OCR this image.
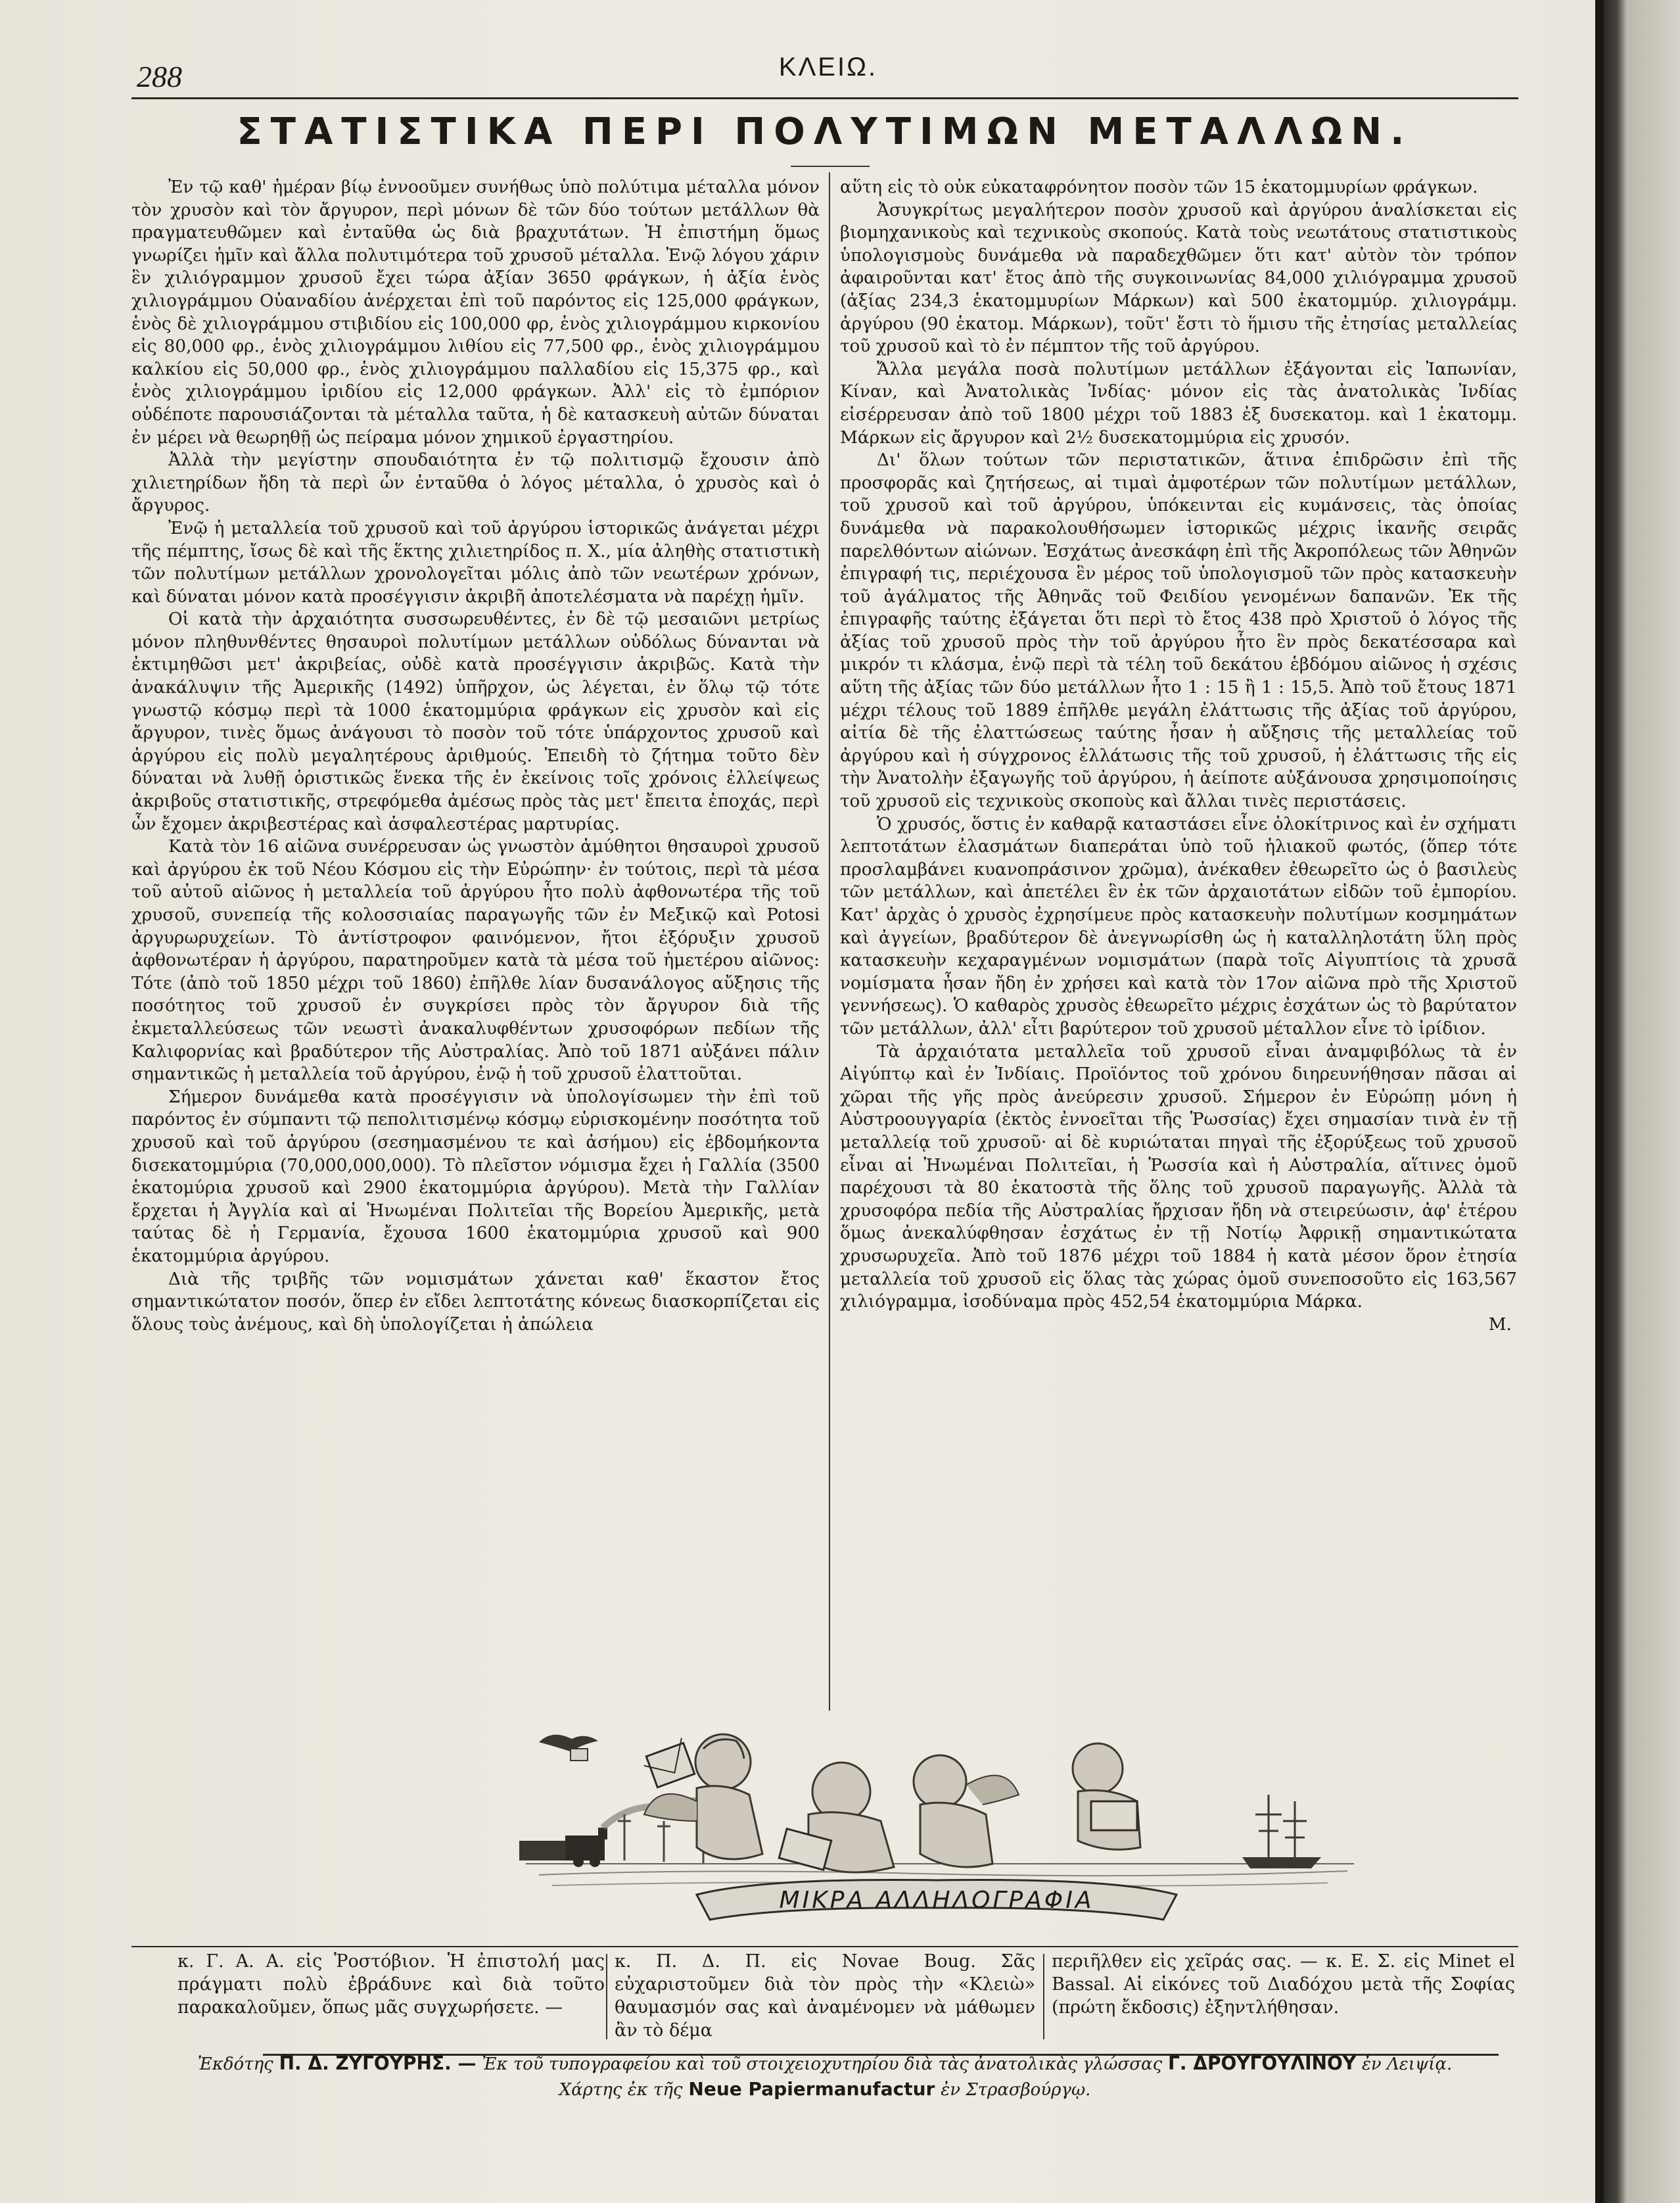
288	ΚΛΕΙΩ.
ΣΤΑΤΙΣΤΙΚΑ ΠΕΡΙ ΠΟΛΥΤΙΜΩΝ ΜΕΤΑΛΛΩΝ.

Ἐν τῷ καθ' ἡμέραν βίῳ ἐννοοῦμεν συνήθως ὑπὸ πολύτιμα μέταλλα μόνον τὸν χρυσὸν καὶ τὸν ἄργυρον, περὶ μόνων δὲ τῶν δύο τούτων μετάλλων θὰ πραγματευθῶμεν καὶ ἐνταῦθα ὡς διὰ βραχυτάτων. Ἡ ἐπιστήμη ὅμως γνωρίζει ἡμῖν καὶ ἄλλα πολυτιμότερα τοῦ χρυσοῦ μέταλλα. Ἐνῷ λόγου χάριν ἓν χιλιόγραμμον χρυσοῦ ἔχει τώρα ἀξίαν 3650 φράγκων, ἡ ἀξία ἑνὸς χιλιογράμμου Οὐαναδίου ἀνέρχεται ἐπὶ τοῦ παρόντος εἰς 125,000 φράγκων, ἑνὸς δὲ χιλιογράμμου στιβιδίου εἰς 100,000 φρ, ἑνὸς χιλιογράμμου κιρκονίου εἰς 80,000 φρ., ἑνὸς χιλιογράμμου λιθίου εἰς 77,500 φρ., ἑνὸς χιλιογράμμου καλκίου εἰς 50,000 φρ., ἑνὸς χιλιογράμμου παλλαδίου εἰς 15,375 φρ., καὶ ἑνὸς χιλιογράμμου ἰριδίου εἰς 12,000 φράγκων. Ἀλλ' εἰς τὸ ἐμπόριον οὐδέποτε παρουσιάζονται τὰ μέταλλα ταῦτα, ἡ δὲ κατασκευὴ αὐτῶν δύναται ἐν μέρει νὰ θεωρηθῇ ὡς πείραμα μόνον χημικοῦ ἐργαστηρίου.

Ἀλλὰ τὴν μεγίστην σπουδαιότητα ἐν τῷ πολιτισμῷ ἔχουσιν ἀπὸ χιλιετηρίδων ἤδη τὰ περὶ ὧν ἐνταῦθα ὁ λόγος μέταλλα, ὁ χρυσὸς καὶ ὁ ἄργυρος.

Ἐνῷ ἡ μεταλλεία τοῦ χρυσοῦ καὶ τοῦ ἀργύρου ἱστορικῶς ἀνάγεται μέχρι τῆς πέμπτης, ἴσως δὲ καὶ τῆς ἕκτης χιλιετηρίδος π. Χ., μία ἀληθὴς στατιστικὴ τῶν πολυτίμων μετάλλων χρονολογεῖται μόλις ἀπὸ τῶν νεωτέρων χρόνων, καὶ δύναται μόνον κατὰ προσέγγισιν ἀκριβῆ ἀποτελέσματα νὰ παρέχῃ ἡμῖν.

Οἱ κατὰ τὴν ἀρχαιότητα συσσωρευθέντες, ἐν δὲ τῷ μεσαιῶνι μετρίως μόνον πληθυνθέντες θησαυροὶ πολυτίμων μετάλλων οὐδόλως δύνανται νὰ ἐκτιμηθῶσι μετ' ἀκριβείας, οὐδὲ κατὰ προσέγγισιν ἀκριβῶς. Κατὰ τὴν ἀνακάλυψιν τῆς Ἀμερικῆς (1492) ὑπῆρχον, ὡς λέγεται, ἐν ὅλῳ τῷ τότε γνωστῷ κόσμῳ περὶ τὰ 1000 ἑκατομμύρια φράγκων εἰς χρυσὸν καὶ εἰς ἄργυρον, τινὲς ὅμως ἀνάγουσι τὸ ποσὸν τοῦ τότε ὑπάρχοντος χρυσοῦ καὶ ἀργύρου εἰς πολὺ μεγαλητέρους ἀριθμούς. Ἐπειδὴ τὸ ζήτημα τοῦτο δὲν δύναται νὰ λυθῇ ὁριστικῶς ἕνεκα τῆς ἐν ἐκείνοις τοῖς χρόνοις ἐλλείψεως ἀκριβοῦς στατιστικῆς, στρεφόμεθα ἀμέσως πρὸς τὰς μετ' ἔπειτα ἐποχάς, περὶ ὧν ἔχομεν ἀκριβεστέρας καὶ ἀσφαλεστέρας μαρτυρίας.

Κατὰ τὸν 16 αἰῶνα συνέρρευσαν ὡς γνωστὸν ἀμύθητοι θησαυροὶ χρυσοῦ καὶ ἀργύρου ἐκ τοῦ Νέου Κόσμου εἰς τὴν Εὐρώπην· ἐν τούτοις, περὶ τὰ μέσα τοῦ αὐτοῦ αἰῶνος ἡ μεταλλεία τοῦ ἀργύρου ἦτο πολὺ ἀφθονωτέρα τῆς τοῦ χρυσοῦ, συνεπείᾳ τῆς κολοσσιαίας παραγωγῆς τῶν ἐν Μεξικῷ καὶ Potosi ἀργυρωρυχείων. Τὸ ἀντίστροφον φαινόμενον, ἤτοι ἐξόρυξιν χρυσοῦ ἀφθονωτέραν ἡ ἀργύρου, παρατηροῦμεν κατὰ τὰ μέσα τοῦ ἡμετέρου αἰῶνος: Τότε (ἀπὸ τοῦ 1850 μέχρι τοῦ 1860) ἐπῆλθε λίαν δυσανάλογος αὔξησις τῆς ποσότητος τοῦ χρυσοῦ ἐν συγκρίσει πρὸς τὸν ἄργυρον διὰ τῆς ἐκμεταλλεύσεως τῶν νεωστὶ ἀνακαλυφθέντων χρυσοφόρων πεδίων τῆς Καλιφορνίας καὶ βραδύτερον τῆς Αὐστραλίας. Ἀπὸ τοῦ 1871 αὐξάνει πάλιν σημαντικῶς ἡ μεταλλεία τοῦ ἀργύρου, ἐνῷ ἡ τοῦ χρυσοῦ ἐλαττοῦται.

Σήμερον δυνάμεθα κατὰ προσέγγισιν νὰ ὑπολογίσωμεν τὴν ἐπὶ τοῦ παρόντος ἐν σύμπαντι τῷ πεπολιτισμένῳ κόσμῳ εὑρισκομένην ποσότητα τοῦ χρυσοῦ καὶ τοῦ ἀργύρου (σεσημασμένου τε καὶ ἀσήμου) εἰς ἑβδομήκοντα δισεκατομμύρια (70,000,000,000). Τὸ πλεῖστον νόμισμα ἔχει ἡ Γαλλία (3500 ἑκατομύρια χρυσοῦ καὶ 2900 ἑκατομμύρια ἀργύρου). Μετὰ τὴν Γαλλίαν ἔρχεται ἡ Ἀγγλία καὶ αἱ Ἡνωμέναι Πολιτεῖαι τῆς Βορείου Ἀμερικῆς, μετὰ ταύτας δὲ ἡ Γερμανία, ἔχουσα 1600 ἑκατομμύρια χρυσοῦ καὶ 900 ἑκατομμύρια ἀργύρου.

Διὰ τῆς τριβῆς τῶν νομισμάτων χάνεται καθ' ἕκαστον ἔτος σημαντικώτατον ποσόν, ὅπερ ἐν εἴδει λεπτοτάτης κόνεως διασκορπίζεται εἰς ὅλους τοὺς ἀνέμους, καὶ δὴ ὑπολογίζεται ἡ ἀπώλεια

αὕτη εἰς τὸ οὐκ εὐκαταφρόνητον ποσὸν τῶν 15 ἑκατομμυρίων φράγκων.

Ἀσυγκρίτως μεγαλήτερον ποσὸν χρυσοῦ καὶ ἀργύρου ἀναλίσκεται εἰς βιομηχανικοὺς καὶ τεχνικοὺς σκοπούς. Κατὰ τοὺς νεωτάτους στατιστικοὺς ὑπολογισμοὺς δυνάμεθα νὰ παραδεχθῶμεν ὅτι κατ' αὐτὸν τὸν τρόπον ἀφαιροῦνται κατ' ἔτος ἀπὸ τῆς συγκοινωνίας 84,000 χιλιόγραμμα χρυσοῦ (ἀξίας 234,3 ἑκατομμυρίων Μάρκων) καὶ 500 ἑκατομμύρ. χιλιογράμμ. ἀργύρου (90 ἑκατομ. Μάρκων), τοῦτ' ἔστι τὸ ἥμισυ τῆς ἐτησίας μεταλλείας τοῦ χρυσοῦ καὶ τὸ ἐν πέμπτον τῆς τοῦ ἀργύρου.

Ἄλλα μεγάλα ποσὰ πολυτίμων μετάλλων ἐξάγονται εἰς Ἰαπωνίαν, Κίναν, καὶ Ἀνατολικὰς Ἰνδίας· μόνον εἰς τὰς ἀνατολικὰς Ἰνδίας εἰσέρρευσαν ἀπὸ τοῦ 1800 μέχρι τοῦ 1883 ἐξ δυσεκατομ. καὶ 1 ἑκατομμ. Μάρκων εἰς ἄργυρον καὶ 2½ δυσεκατομμύρια εἰς χρυσόν.

Δι' ὅλων τούτων τῶν περιστατικῶν, ἅτινα ἐπιδρῶσιν ἐπὶ τῆς προσφορᾶς καὶ ζητήσεως, αἱ τιμαὶ ἀμφοτέρων τῶν πολυτίμων μετάλλων, τοῦ χρυσοῦ καὶ τοῦ ἀργύρου, ὑπόκεινται εἰς κυμάνσεις, τὰς ὁποίας δυνάμεθα νὰ παρακολουθήσωμεν ἱστορικῶς μέχρις ἱκανῆς σειρᾶς παρελθόντων αἰώνων. Ἐσχάτως ἀνεσκάφη ἐπὶ τῆς Ἀκροπόλεως τῶν Ἀθηνῶν ἐπιγραφή τις, περιέχουσα ἓν μέρος τοῦ ὑπολογισμοῦ τῶν πρὸς κατασκευὴν τοῦ ἀγάλματος τῆς Ἀθηνᾶς τοῦ Φειδίου γενομένων δαπανῶν. Ἐκ τῆς ἐπιγραφῆς ταύτης ἐξάγεται ὅτι περὶ τὸ ἔτος 438 πρὸ Χριστοῦ ὁ λόγος τῆς ἀξίας τοῦ χρυσοῦ πρὸς τὴν τοῦ ἀργύρου ἦτο ἓν πρὸς δεκατέσσαρα καὶ μικρόν τι κλάσμα, ἐνῷ περὶ τὰ τέλη τοῦ δεκάτου ἑβδόμου αἰῶνος ἡ σχέσις αὕτη τῆς ἀξίας τῶν δύο μετάλλων ἦτο 1 : 15 ἢ 1 : 15,5. Ἀπὸ τοῦ ἔτους 1871 μέχρι τέλους τοῦ 1889 ἐπῆλθε μεγάλη ἐλάττωσις τῆς ἀξίας τοῦ ἀργύρου, αἰτία δὲ τῆς ἐλαττώσεως ταύτης ἦσαν ἡ αὔξησις τῆς μεταλλείας τοῦ ἀργύρου καὶ ἡ σύγχρονος ἐλλάτωσις τῆς τοῦ χρυσοῦ, ἡ ἐλάττωσις τῆς εἰς τὴν Ἀνατολὴν ἐξαγωγῆς τοῦ ἀργύρου, ἡ ἀείποτε αὐξάνουσα χρησιμοποίησις τοῦ χρυσοῦ εἰς τεχνικοὺς σκοποὺς καὶ ἄλλαι τινὲς περιστάσεις.

Ὁ χρυσός, ὅστις ἐν καθαρᾷ καταστάσει εἶνε ὁλοκίτρινος καὶ ἐν σχήματι λεπτοτάτων ἐλασμάτων διαπεράται ὑπὸ τοῦ ἡλιακοῦ φωτός, (ὅπερ τότε προσλαμβάνει κυανοπράσινον χρῶμα), ἀνέκαθεν ἐθεωρεῖτο ὡς ὁ βασιλεὺς τῶν μετάλλων, καὶ ἀπετέλει ἓν ἐκ τῶν ἀρχαιοτάτων εἰδῶν τοῦ ἐμπορίου. Κατ' ἀρχὰς ὁ χρυσὸς ἐχρησίμευε πρὸς κατασκευὴν πολυτίμων κοσμημάτων καὶ ἀγγείων, βραδύτερον δὲ ἀνεγνωρίσθη ὡς ἡ καταλληλοτάτη ὕλη πρὸς κατασκευὴν κεχαραγμένων νομισμάτων (παρὰ τοῖς Αἰγυπτίοις τὰ χρυσᾶ νομίσματα ἦσαν ἤδη ἐν χρήσει καὶ κατὰ τὸν 17ον αἰῶνα πρὸ τῆς Χριστοῦ γεννήσεως). Ὁ καθαρὸς χρυσὸς ἐθεωρεῖτο μέχρις ἐσχάτων ὡς τὸ βαρύτατον τῶν μετάλλων, ἀλλ' εἶτι βαρύτερον τοῦ χρυσοῦ μέταλλον εἶνε τὸ ἰρίδιον.

Τὰ ἀρχαιότατα μεταλλεῖα τοῦ χρυσοῦ εἶναι ἀναμφιβόλως τὰ ἐν Αἰγύπτῳ καὶ ἐν Ἰνδίαις. Προϊόντος τοῦ χρόνου διηρευνήθησαν πᾶσαι αἱ χῶραι τῆς γῆς πρὸς ἀνεύρεσιν χρυσοῦ. Σήμερον ἐν Εὐρώπῃ μόνη ἡ Αὐστροουγγαρία (ἐκτὸς ἐννοεῖται τῆς Ῥωσσίας) ἔχει σημασίαν τινὰ ἐν τῇ μεταλλείᾳ τοῦ χρυσοῦ· αἱ δὲ κυριώταται πηγαὶ τῆς ἐξορύξεως τοῦ χρυσοῦ εἶναι αἱ Ἡνωμέναι Πολιτεῖαι, ἡ Ῥωσσία καὶ ἡ Αὐστραλία, αἵτινες ὁμοῦ παρέχουσι τὰ 80 ἑκατοστὰ τῆς ὅλης τοῦ χρυσοῦ παραγωγῆς. Ἀλλὰ τὰ χρυσοφόρα πεδία τῆς Αὐστραλίας ἤρχισαν ἤδη νὰ στειρεύωσιν, ἀφ' ἑτέρου ὅμως ἀνεκαλύφθησαν ἐσχάτως ἐν τῇ Νοτίῳ Ἀφρικῇ σημαντικώτατα χρυσωρυχεῖα. Ἀπὸ τοῦ 1876 μέχρι τοῦ 1884 ἡ κατὰ μέσον ὅρον ἐτησία μεταλλεία τοῦ χρυσοῦ εἰς ὅλας τὰς χώρας ὁμοῦ συνεποσοῦτο εἰς 163,567 χιλιόγραμμα, ἰσοδύναμα πρὸς 452,54 ἑκατομμύρια Μάρκα.

Μ.

ΜΙΚΡΑ ΑΛΛΗΛΟΓΡΑΦΙΑ
κ. Γ. Α. Α. εἰς Ῥοστόβιον. Ἡ ἐπιστολή μας πράγματι πολὺ ἐβράδυνε καὶ διὰ τοῦτο παρακαλοῦμεν, ὅπως μᾶς συγχωρήσετε. —
κ. Π. Δ. Π. εἰς Novae Boug. Σᾶς εὐχαριστοῦμεν διὰ τὸν πρὸς τὴν «Κλειὼ» θαυμασμόν σας καὶ ἀναμένομεν νὰ μάθωμεν ἂν τὸ δέμα
περιῆλθεν εἰς χεῖράς σας. — κ. Ε. Σ. εἰς Minet el Bassal. Αἱ εἰκόνες τοῦ Διαδόχου μετὰ τῆς Σοφίας (πρώτη ἔκδοσις) ἐξηντλήθησαν.
Ἐκδότης Π. Δ. ΖΥΓΟΥΡΗΣ. — Ἐκ τοῦ τυπογραφείου καὶ τοῦ στοιχειοχυτηρίου διὰ τὰς ἀνατολικὰς γλώσσας Γ. ΔΡΟΥΓΟΥΛΙΝΟΥ ἐν Λειψίᾳ.
Χάρτης ἐκ τῆς Neue Papiermanufactur ἐν Στρασβούργῳ.
